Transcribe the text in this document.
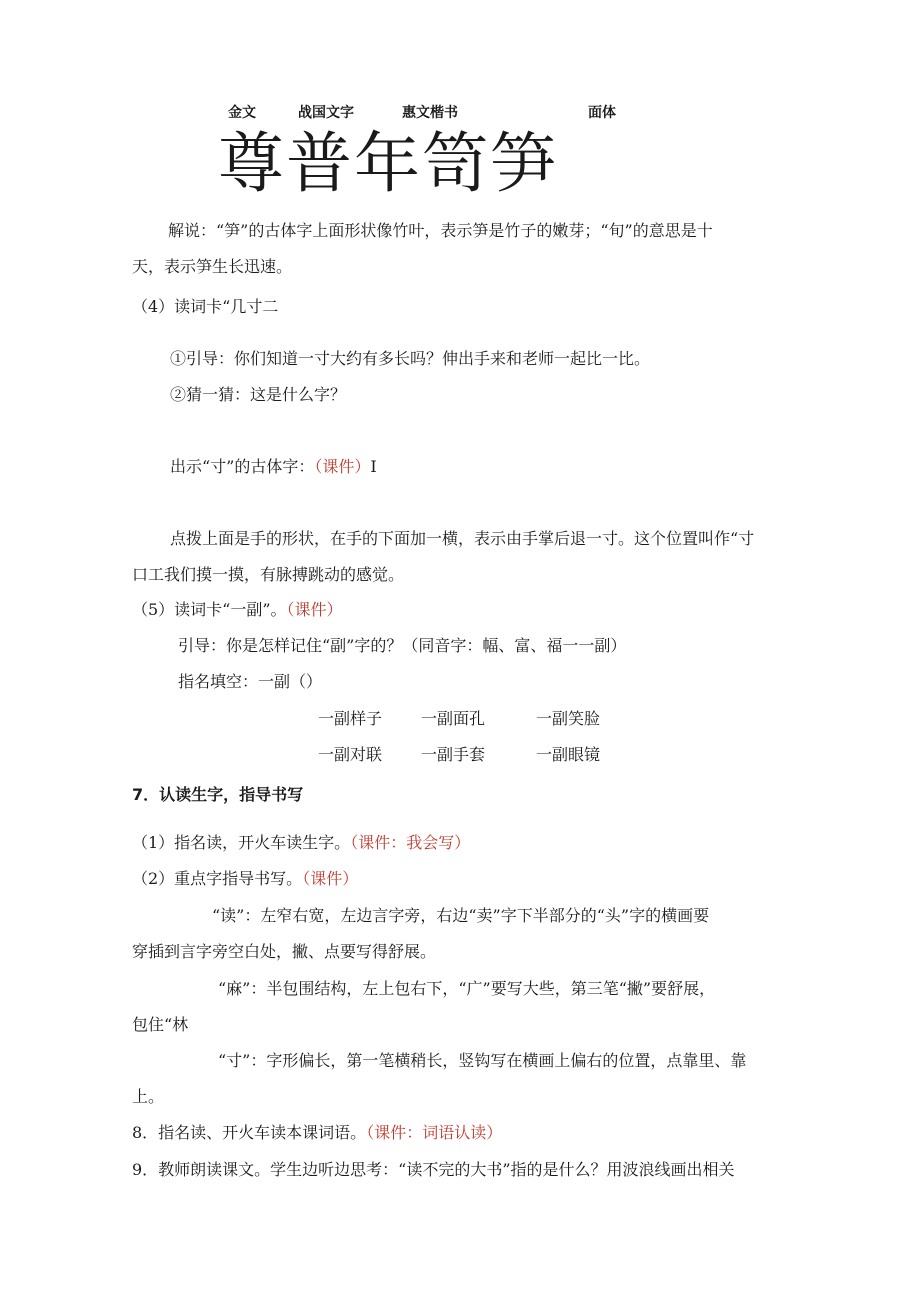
金文	战国文字	惠文楷书	面体
尊普年笥笋
解说：“笋”的古体字上面形状像竹叶，表示笋是竹子的嫩芽；“旬”的意思是十
天，表示笋生长迅速。
（4）读词卡“几寸二
①引导：你们知道一寸大约有多长吗？伸出手来和老师一起比一比。
②猜一猜：这是什么字？
出示“寸”的古体字：（课件）I
点拨上面是手的形状，在手的下面加一横，表示由手掌后退一寸。这个位置叫作“寸
口工我们摸一摸，有脉搏跳动的感觉。
（5）读词卡“一副”。（课件）
引导：你是怎样记住“副”字的？（同音字：幅、富、福一一副）
指名填空：一副（）
一副样子 一副面孔	一副笑脸
一副对联 一副手套	一副眼镜
7．认读生字，指导书写
（1）指名读，开火车读生字。（课件：我会写）
（2）重点字指导书写。（课件）
“读”：左窄右宽，左边言字旁，右边“卖”字下半部分的“头”字的横画要
穿插到言字旁空白处，撇、点要写得舒展。
“麻”：半包围结构，左上包右下，“广”要写大些，第三笔“撇”要舒展，
包住“林
“寸”：字形偏长，第一笔横稍长，竖钩写在横画上偏右的位置，点靠里、靠
上。
8．指名读、开火车读本课词语。（课件：词语认读）
9．教师朗读课文。学生边听边思考：“读不完的大书”指的是什么？用波浪线画出相关
